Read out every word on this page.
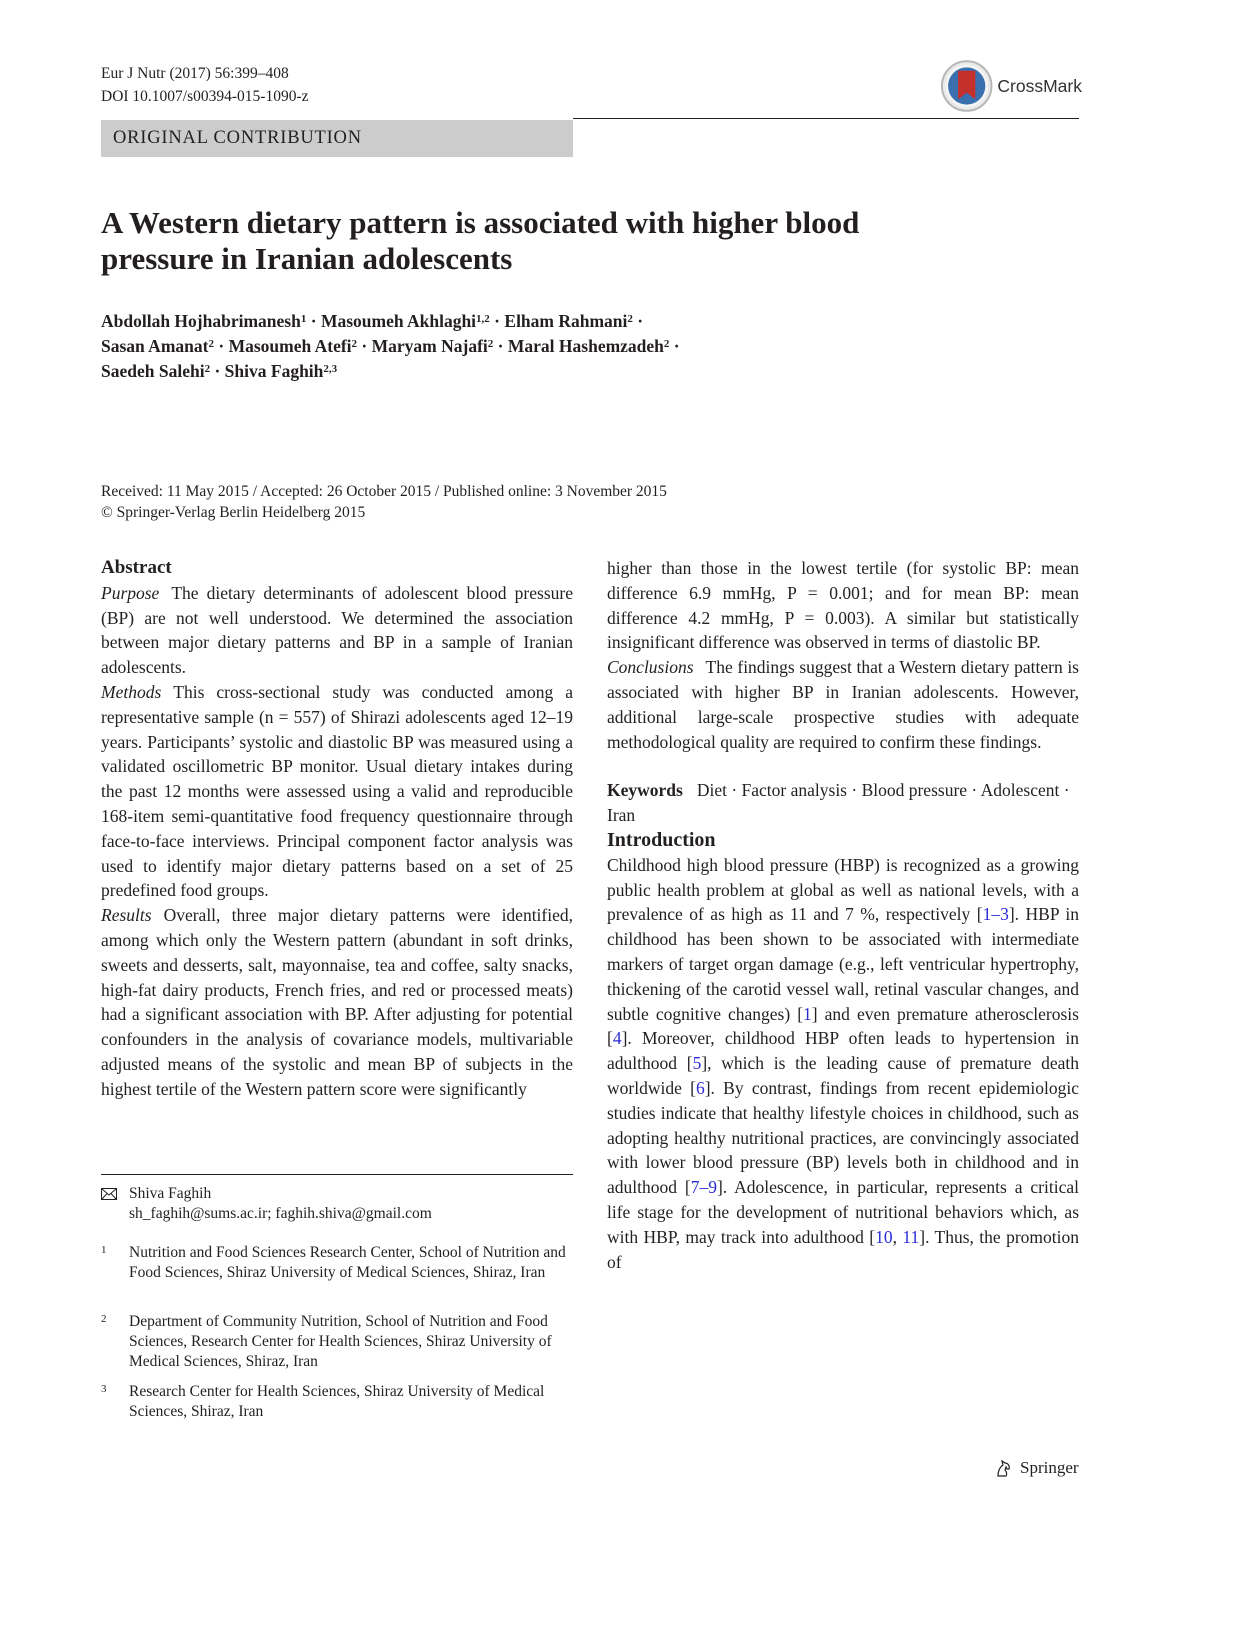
Eur J Nutr (2017) 56:399–408
DOI 10.1007/s00394-015-1090-z
CrossMark
ORIGINAL CONTRIBUTION
A Western dietary pattern is associated with higher blood
pressure in Iranian adolescents
Abdollah Hojhabrimanesh$^1$ · Masoumeh Akhlaghi$^{1,2}$ · Elham Rahmani$^2$ ·
Sasan Amanat$^2$ · Masoumeh Atefi$^2$ · Maryam Najafi$^2$ · Maral Hashemzadeh$^2$ ·
Saedeh Salehi$^2$ · Shiva Faghih$^{2,3}$
Received: 11 May 2015 / Accepted: 26 October 2015 / Published online: 3 November 2015
© Springer-Verlag Berlin Heidelberg 2015

Abstract

Purpose The dietary determinants of adolescent blood pressure (BP) are not well understood. We determined the association between major dietary patterns and BP in a sample of Iranian adolescents.

Methods This cross-sectional study was conducted among a representative sample (n = 557) of Shirazi adolescents aged 12–19 years. Participants’ systolic and diastolic BP was measured using a validated oscillometric BP monitor. Usual dietary intakes during the past 12 months were assessed using a valid and reproducible 168-item semi-quantitative food frequency questionnaire through face-to-face interviews. Principal component factor analysis was used to identify major dietary patterns based on a set of 25 predefined food groups.

Results Overall, three major dietary patterns were identified, among which only the Western pattern (abundant in soft drinks, sweets and desserts, salt, mayonnaise, tea and coffee, salty snacks, high-fat dairy products, French fries, and red or processed meats) had a significant association with BP. After adjusting for potential confounders in the analysis of covariance models, multivariable adjusted means of the systolic and mean BP of subjects in the highest tertile of the Western pattern score were significantly

higher than those in the lowest tertile (for systolic BP: mean difference 6.9 mmHg, P = 0.001; and for mean BP: mean difference 4.2 mmHg, P = 0.003). A similar but statistically insignificant difference was observed in terms of diastolic BP.

Conclusions The findings suggest that a Western dietary pattern is associated with higher BP in Iranian adolescents. However, additional large-scale prospective studies with adequate methodological quality are required to confirm these findings.

Keywords Diet · Factor analysis · Blood pressure · Adolescent · Iran

Introduction

Childhood high blood pressure (HBP) is recognized as a growing public health problem at global as well as national levels, with a prevalence of as high as 11 and 7 %, respectively [1–3]. HBP in childhood has been shown to be associated with intermediate markers of target organ damage (e.g., left ventricular hypertrophy, thickening of the carotid vessel wall, retinal vascular changes, and subtle cognitive changes) [1] and even premature atherosclerosis [4]. Moreover, childhood HBP often leads to hypertension in adulthood [5], which is the leading cause of premature death worldwide [6]. By contrast, findings from recent epidemiologic studies indicate that healthy lifestyle choices in childhood, such as adopting healthy nutritional practices, are convincingly associated with lower blood pressure (BP) levels both in childhood and in adulthood [7–9]. Adolescence, in particular, represents a critical life stage for the development of nutritional behaviors which, as with HBP, may track into adulthood [10, 11]. Thus, the promotion of

Shiva Faghih
sh_faghih@sums.ac.ir; faghih.shiva@gmail.com
1 Nutrition and Food Sciences Research Center, School of Nutrition and Food Sciences, Shiraz University of Medical Sciences, Shiraz, Iran
2 Department of Community Nutrition, School of Nutrition and Food Sciences, Research Center for Health Sciences, Shiraz University of Medical Sciences, Shiraz, Iran
3 Research Center for Health Sciences, Shiraz University of Medical Sciences, Shiraz, Iran
Springer
